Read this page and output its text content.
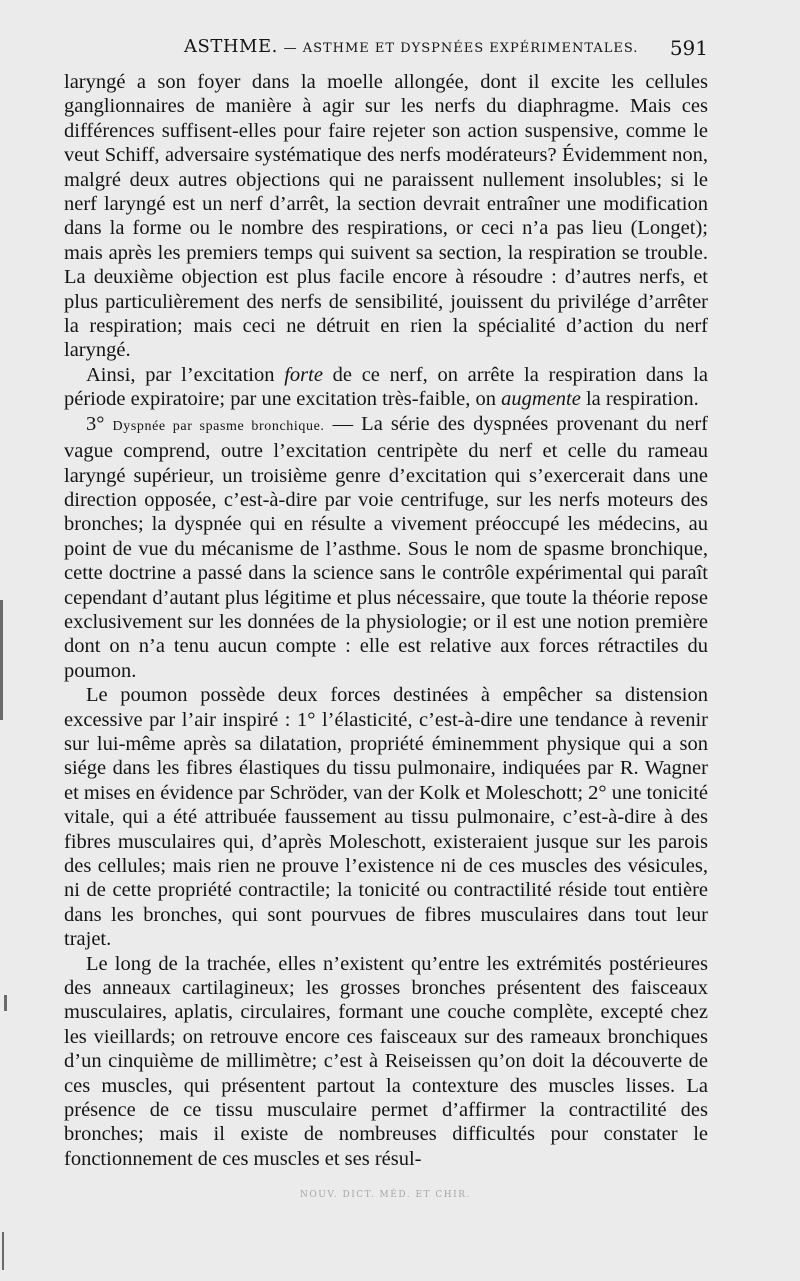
ASTHME. — ASTHME ET DYSPNÉES EXPÉRIMENTALES. 591

laryngé a son foyer dans la moelle allongée, dont il excite les cellules ganglionnaires de manière à agir sur les nerfs du diaphragme. Mais ces différences suffisent-elles pour faire rejeter son action suspensive, comme le veut Schiff, adversaire systématique des nerfs modérateurs? Évidemment non, malgré deux autres objections qui ne paraissent nullement insolubles; si le nerf laryngé est un nerf d’arrêt, la section devrait entraîner une modification dans la forme ou le nombre des respirations, or ceci n’a pas lieu (Longet); mais après les premiers temps qui suivent sa section, la respiration se trouble. La deuxième objection est plus facile encore à résoudre : d’autres nerfs, et plus particulièrement des nerfs de sensibilité, jouissent du privilége d’arrêter la respiration; mais ceci ne détruit en rien la spécialité d’action du nerf laryngé.

Ainsi, par l’excitation forte de ce nerf, on arrête la respiration dans la période expiratoire; par une excitation très-faible, on augmente la respiration.

3° Dyspnée par spasme bronchique. — La série des dyspnées provenant du nerf vague comprend, outre l’excitation centripète du nerf et celle du rameau laryngé supérieur, un troisième genre d’excitation qui s’exercerait dans une direction opposée, c’est-à-dire par voie centrifuge, sur les nerfs moteurs des bronches; la dyspnée qui en résulte a vivement préoccupé les médecins, au point de vue du mécanisme de l’asthme. Sous le nom de spasme bronchique, cette doctrine a passé dans la science sans le contrôle expérimental qui paraît cependant d’autant plus légitime et plus nécessaire, que toute la théorie repose exclusivement sur les données de la physiologie; or il est une notion première dont on n’a tenu aucun compte : elle est relative aux forces rétractiles du poumon.

Le poumon possède deux forces destinées à empêcher sa distension excessive par l’air inspiré : 1° l’élasticité, c’est-à-dire une tendance à revenir sur lui-même après sa dilatation, propriété éminemment physique qui a son siége dans les fibres élastiques du tissu pulmonaire, indiquées par R. Wagner et mises en évidence par Schröder, van der Kolk et Moleschott; 2° une tonicité vitale, qui a été attribuée faussement au tissu pulmonaire, c’est-à-dire à des fibres musculaires qui, d’après Moleschott, existeraient jusque sur les parois des cellules; mais rien ne prouve l’existence ni de ces muscles des vésicules, ni de cette propriété contractile; la tonicité ou contractilité réside tout entière dans les bronches, qui sont pourvues de fibres musculaires dans tout leur trajet.

Le long de la trachée, elles n’existent qu’entre les extrémités postérieures des anneaux cartilagineux; les grosses bronches présentent des faisceaux musculaires, aplatis, circulaires, formant une couche complète, excepté chez les vieillards; on retrouve encore ces faisceaux sur des rameaux bronchiques d’un cinquième de millimètre; c’est à Reiseissen qu’on doit la découverte de ces muscles, qui présentent partout la contexture des muscles lisses. La présence de ce tissu musculaire permet d’affirmer la contractilité des bronches; mais il existe de nombreuses difficultés pour constater le fonctionnement de ces muscles et ses résul-

NOUV. DICT. MÉD. ET CHIR.
